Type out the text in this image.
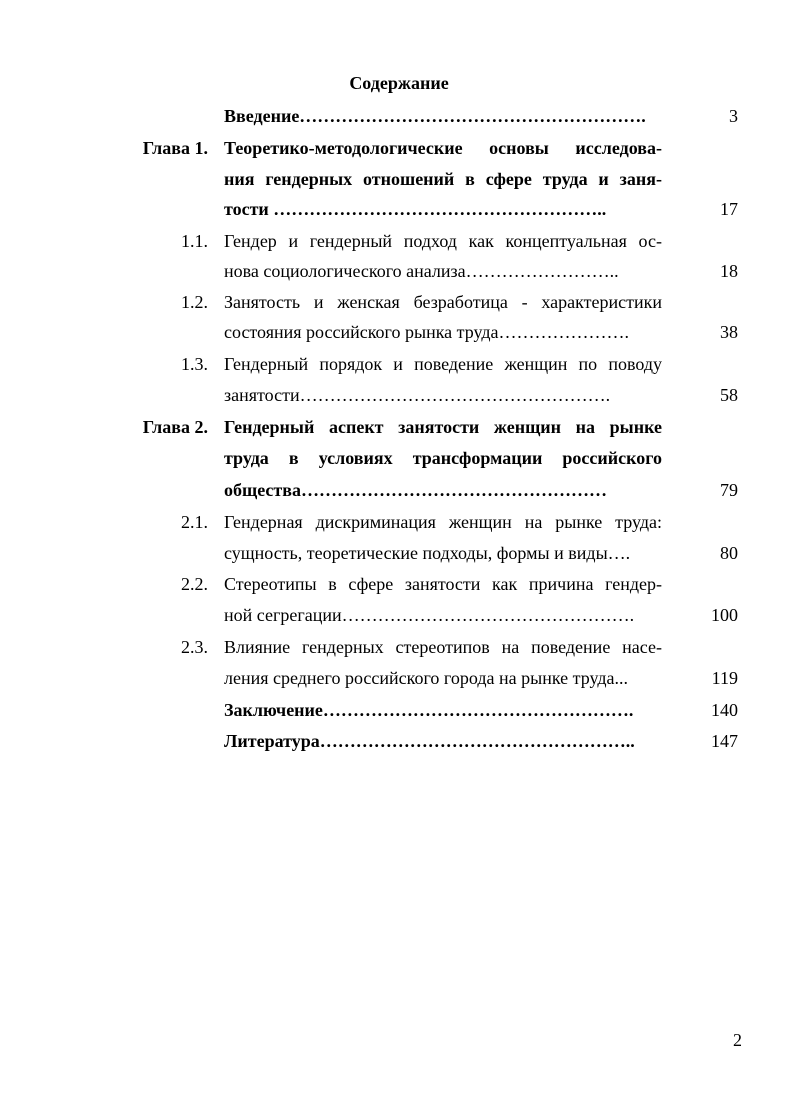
Содержание
Введение………………………………………………….	3
Глава 1. Теоретико-методологические основы исследова-
ния гендерных отношений в сфере труда и заня-
тости ………………………………………………..	17
1.1. Гендер и гендерный подход как концептуальная ос-
нова социологического анализа……………………..	18
1.2. Занятость и женская безработица - характеристики
состояния российского рынка труда………………….	38
1.3. Гендерный порядок и поведение женщин по поводу
занятости…………………………………………….	58
Глава 2. Гендерный аспект занятости женщин на рынке
труда в условиях трансформации российского
общества……………………………………………	79
2.1. Гендерная дискриминация женщин на рынке труда:
сущность, теоретические подходы, формы и виды….	80
2.2. Стереотипы в сфере занятости как причина гендер-
ной сегрегации………………………………………….	100
2.3. Влияние гендерных стереотипов на поведение насе-
ления среднего российского города на рынке труда...	119
Заключение…………………………………………….	140
Литература……………………………………………..	147
2
